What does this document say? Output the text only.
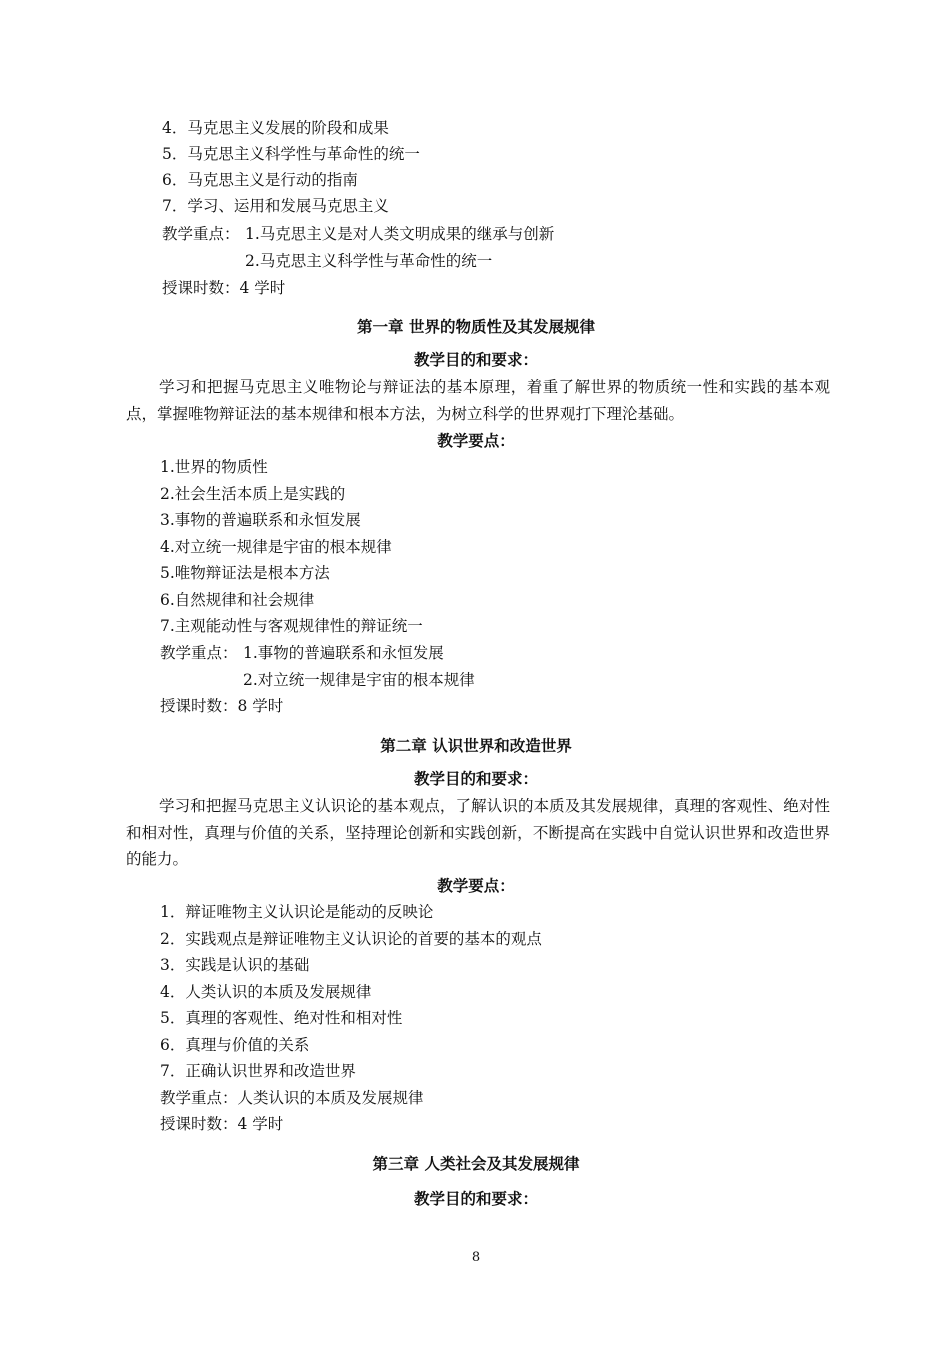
4．马克思主义发展的阶段和成果
5．马克思主义科学性与革命性的统一
6．马克思主义是行动的指南
7．学习、运用和发展马克思主义
教学重点： 1.马克思主义是对人类文明成果的继承与创新
2.马克思主义科学性与革命性的统一
授课时数：4 学时
第一章 世界的物质性及其发展规律
教学目的和要求：
学习和把握马克思主义唯物论与辩证法的基本原理，着重了解世界的物质统一性和实践的基本观点，掌握唯物辩证法的基本规律和根本方法，为树立科学的世界观打下理沦基础。
教学要点：
1.世界的物质性
2.社会生活本质上是实践的
3.事物的普遍联系和永恒发展
4.对立统一规律是宇宙的根本规律
5.唯物辩证法是根本方法
6.自然规律和社会规律
7.主观能动性与客观规律性的辩证统一
教学重点： 1.事物的普遍联系和永恒发展
2.对立统一规律是宇宙的根本规律
授课时数：8 学时
第二章 认识世界和改造世界
教学目的和要求：
学习和把握马克思主义认识论的基本观点，了解认识的本质及其发展规律，真理的客观性、绝对性和相对性，真理与价值的关系，坚持理论创新和实践创新，不断提高在实践中自觉认识世界和改造世界的能力。
教学要点：
1．辩证唯物主义认识论是能动的反映论
2．实践观点是辩证唯物主义认识论的首要的基本的观点
3．实践是认识的基础
4．人类认识的本质及发展规律
5．真理的客观性、绝对性和相对性
6．真理与价值的关系
7．正确认识世界和改造世界
教学重点：人类认识的本质及发展规律
授课时数：4 学时
第三章 人类社会及其发展规律
教学目的和要求：
8
